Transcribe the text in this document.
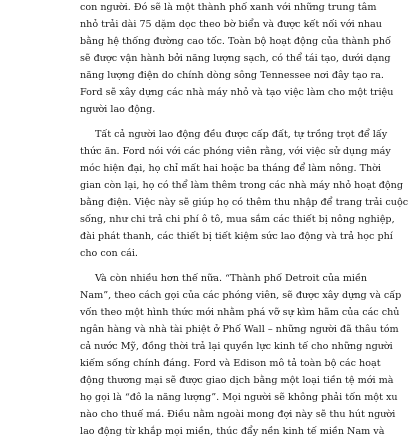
con người. Đó sẽ là một thành phố xanh với những trung tâm
nhỏ trải dài 75 dặm dọc theo bờ biển và được kết nối với nhau
bằng hệ thống đường cao tốc. Toàn bộ hoạt động của thành phố
sẽ được vận hành bởi năng lượng sạch, có thể tái tạo, dưới dạng
năng lượng điện do chính dòng sông Tennessee nơi đây tạo ra.
Ford sẽ xây dựng các nhà máy nhỏ và tạo việc làm cho một triệu
người lao động.
Tất cả người lao động đều được cấp đất, tự trồng trọt để lấy
thức ăn. Ford nói với các phóng viên rằng, với việc sử dụng máy
móc hiện đại, họ chỉ mất hai hoặc ba tháng để làm nông. Thời
gian còn lại, họ có thể làm thêm trong các nhà máy nhỏ hoạt động
bằng điện. Việc này sẽ giúp họ có thêm thu nhập để trang trải cuộc
sống, như chi trả chi phí ô tô, mua sắm các thiết bị nông nghiệp,
đài phát thanh, các thiết bị tiết kiệm sức lao động và trả học phí
cho con cái.
Và còn nhiều hơn thế nữa. “Thành phố Detroit của miền
Nam”, theo cách gọi của các phóng viên, sẽ được xây dựng và cấp
vốn theo một hình thức mới nhằm phá vỡ sự kìm hãm của các chủ
ngân hàng và nhà tài phiệt ở Phố Wall – những người đã thâu tóm
cả nước Mỹ, đồng thời trả lại quyền lực kinh tế cho những người
kiếm sống chính đáng. Ford và Edison mô tả toàn bộ các hoạt
động thương mại sẽ được giao dịch bằng một loại tiền tệ mới mà
họ gọi là “đô la năng lượng”. Mọi người sẽ không phải tốn một xu
nào cho thuế má. Điều nằm ngoài mong đợi này sẽ thu hút người
lao động từ khắp mọi miền, thúc đẩy nền kinh tế miền Nam và
